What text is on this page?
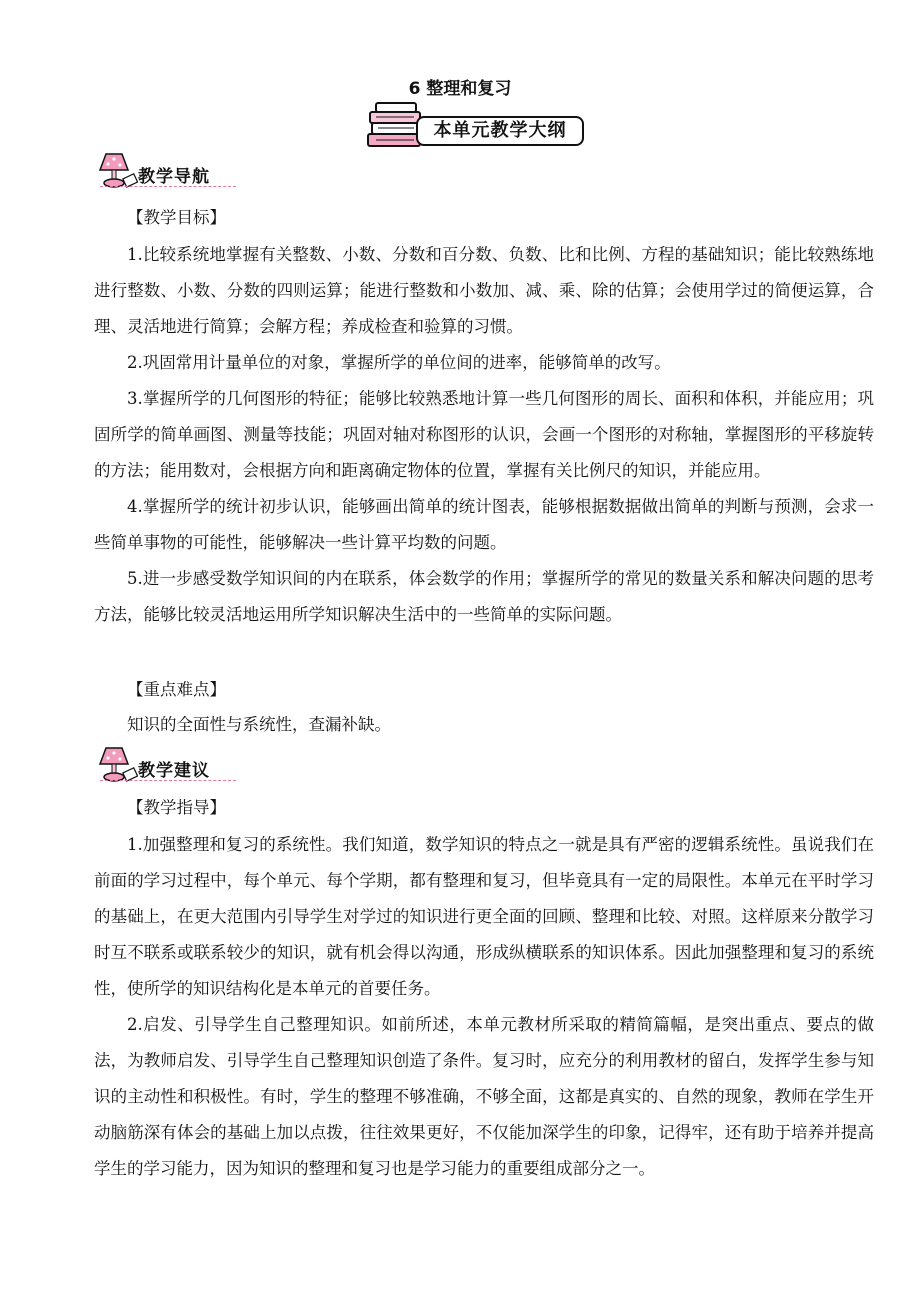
6 整理和复习
本单元教学大纲
教学导航
【教学目标】

1.比较系统地掌握有关整数、小数、分数和百分数、负数、比和比例、方程的基础知识；能比较熟练地进行整数、小数、分数的四则运算；能进行整数和小数加、减、乘、除的估算；会使用学过的简便运算，合理、灵活地进行简算；会解方程；养成检查和验算的习惯。

2.巩固常用计量单位的对象，掌握所学的单位间的进率，能够简单的改写。

3.掌握所学的几何图形的特征；能够比较熟悉地计算一些几何图形的周长、面积和体积，并能应用；巩固所学的简单画图、测量等技能；巩固对轴对称图形的认识，会画一个图形的对称轴，掌握图形的平移旋转的方法；能用数对，会根据方向和距离确定物体的位置，掌握有关比例尺的知识，并能应用。

4.掌握所学的统计初步认识，能够画出简单的统计图表，能够根据数据做出简单的判断与预测，会求一些简单事物的可能性，能够解决一些计算平均数的问题。

5.进一步感受数学知识间的内在联系，体会数学的作用；掌握所学的常见的数量关系和解决问题的思考方法，能够比较灵活地运用所学知识解决生活中的一些简单的实际问题。

【重点难点】

知识的全面性与系统性，查漏补缺。

教学建议
【教学指导】

1.加强整理和复习的系统性。我们知道，数学知识的特点之一就是具有严密的逻辑系统性。虽说我们在前面的学习过程中，每个单元、每个学期，都有整理和复习，但毕竟具有一定的局限性。本单元在平时学习的基础上，在更大范围内引导学生对学过的知识进行更全面的回顾、整理和比较、对照。这样原来分散学习时互不联系或联系较少的知识，就有机会得以沟通，形成纵横联系的知识体系。因此加强整理和复习的系统性，使所学的知识结构化是本单元的首要任务。

2.启发、引导学生自己整理知识。如前所述，本单元教材所采取的精简篇幅，是突出重点、要点的做法，为教师启发、引导学生自己整理知识创造了条件。复习时，应充分的利用教材的留白，发挥学生参与知识的主动性和积极性。有时，学生的整理不够准确，不够全面，这都是真实的、自然的现象，教师在学生开动脑筋深有体会的基础上加以点拨，往往效果更好，不仅能加深学生的印象，记得牢，还有助于培养并提高学生的学习能力，因为知识的整理和复习也是学习能力的重要组成部分之一。
